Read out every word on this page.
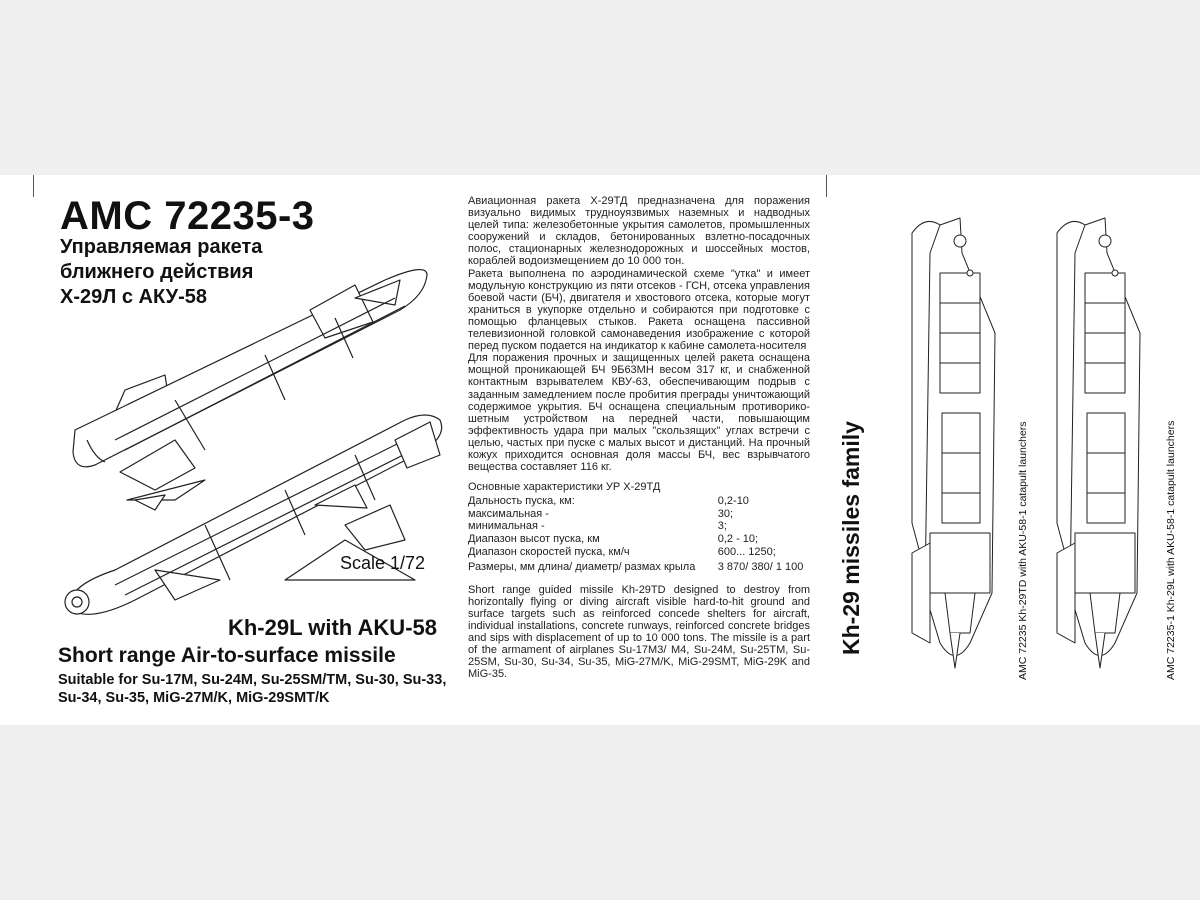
AMC 72235-3
Управляемая ракета
ближнего действия
Х-29Л с АКУ-58
Scale 1/72
Kh-29L with AKU-58
Short range Air-to-surface missile
Suitable for Su-17M, Su-24M, Su-25SM/TM, Su-30, Su-33, Su-34, Su-35, MiG-27M/K, MiG-29SMT/K

Авиационная ракета Х-29ТД предназначена для поражения визуально видимых трудноуязвимых наземных и надводных целей типа: железобетонные укрытия самолетов, промышленных сооружений и складов, бетонированных взлетно-посадочных полос, стационарных железнодорожных и шоссейных мостов, кораблей водоизмещением до 10 000 тон.

Ракета выполнена по аэродинамической схеме "утка" и имеет модульную конструкцию из пяти отсеков - ГСН, отсека управления боевой части (БЧ), двигателя и хвостового отсека, которые могут храниться в укупорке отдельно и собираются при подготовке с помощью фланцевых стыков. Ракета оснащена пассивной телевизионной головкой самонаведения изображение с которой перед пуском подается на индикатор к кабине самолета-носителя

Для поражения прочных и защищенных целей ракета оснащена мощной проникающей БЧ 9Б63МН весом 317 кг, и снабженной контактным взрывателем КВУ-63, обеспечивающим подрыв с заданным замедлением после пробития преграды уничтожающий содержимое укрытия. БЧ оснащена специальным противорико-шетным устройством на передней части, повышающим эффективность удара при малых "скользящих" углах встречи с целью, частых при пуске с малых высот и дистанций. На прочный кожух приходится основная доля массы БЧ, вес взрывчатого вещества составляет 116 кг.

Основные характеристики УР Х-29ТД
Дальность пуска, км:	0,2-10
максимальная -	30;
минимальная -	3;
Диапазон высот пуска, км	0,2 - 10;
Диапазон скоростей пуска, км/ч	600... 1250;
Размеры, мм длина/ диаметр/ размах крыла	3 870/ 380/ 1 100

Short range guided missile Kh-29TD designed to destroy from horizontally flying or diving aircraft visible hard-to-hit ground and surface targets such as reinforced concede shelters for aircraft, individual installations, concrete runways, reinforced concrete bridges and sips with displacement of up to 10 000 tons. The missile is a part of the armament of airplanes Su-17M3/ M4, Su-24M, Su-25TM, Su-25SM, Su-30, Su-34, Su-35, MiG-27M/K, MiG-29SMT, MiG-29K and MiG-35.

Kh-29 missiles family	AMC 72235 Kh-29TD with AKU-58-1 catapult launchers	AMC 72235-1 Kh-29L with AKU-58-1 catapult launchers
